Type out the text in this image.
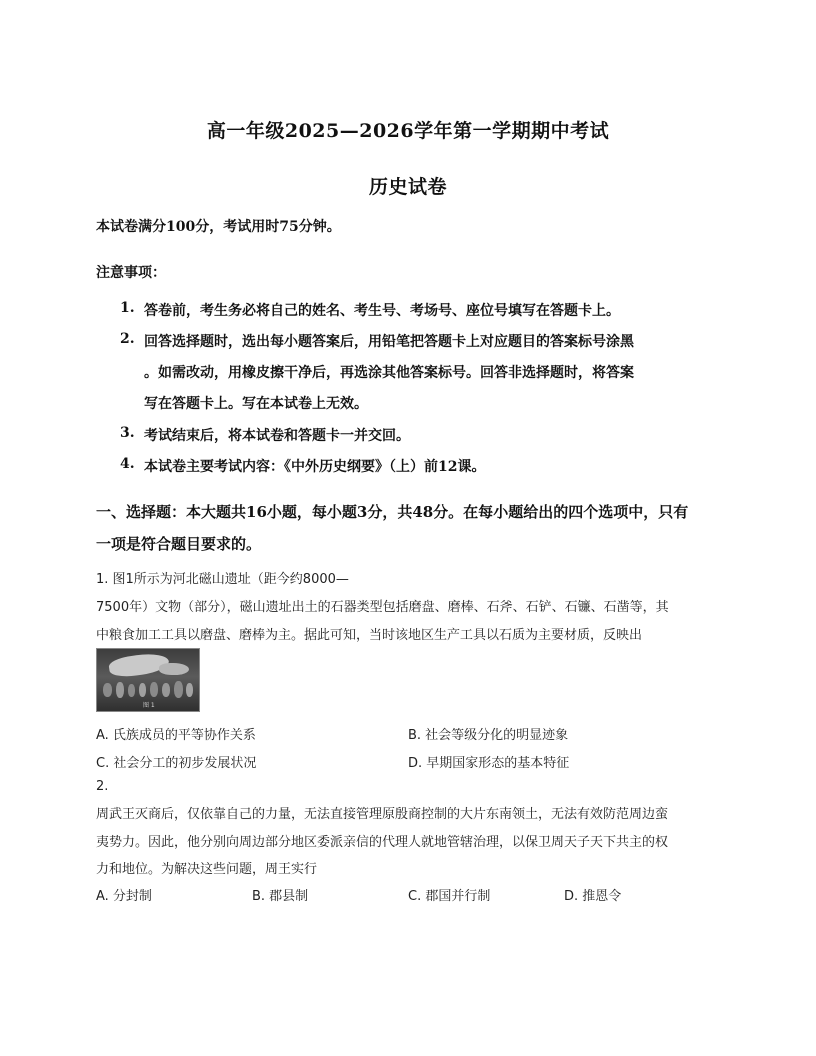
高一年级2025—2026学年第一学期期中考试
历史试卷
本试卷满分100分，考试用时75分钟。
注意事项：
1. 答卷前，考生务必将自己的姓名、考生号、考场号、座位号填写在答题卡上。
2. 回答选择题时，选出每小题答案后，用铅笔把答题卡上对应题目的答案标号涂黑
。如需改动，用橡皮擦干净后，再选涂其他答案标号。回答非选择题时，将答案
写在答题卡上。写在本试卷上无效。
3. 考试结束后，将本试卷和答题卡一并交回。
4. 本试卷主要考试内容：《中外历史纲要》（上）前12课。
一、选择题：本大题共16小题，每小题3分，共48分。在每小题给出的四个选项中，只有
一项是符合题目要求的。
1. 图1所示为河北磁山遗址（距今约8000—
7500年）文物（部分），磁山遗址出土的石器类型包括磨盘、磨棒、石斧、石铲、石镰、石凿等，其
中粮食加工工具以磨盘、磨棒为主。据此可知，当时该地区生产工具以石质为主要材质，反映出
图 1
A. 氏族成员的平等协作关系	B. 社会等级分化的明显迹象
C. 社会分工的初步发展状况	D. 早期国家形态的基本特征
2.
周武王灭商后，仅依靠自己的力量，无法直接管理原殷商控制的大片东南领土，无法有效防范周边蛮
夷势力。因此，他分别向周边部分地区委派亲信的代理人就地管辖治理，以保卫周天子天下共主的权
力和地位。为解决这些问题，周王实行
A. 分封制	B. 郡县制	C. 郡国并行制	D. 推恩令
